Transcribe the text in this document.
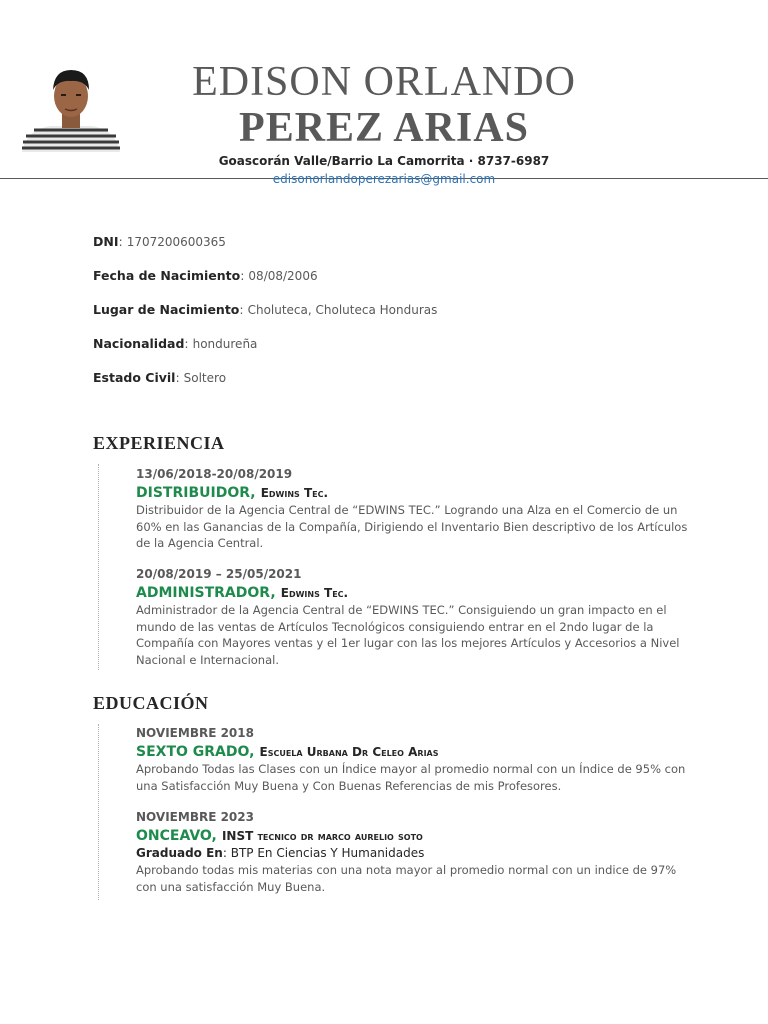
EDISON ORLANDO
PEREZ ARIAS
Goascorán Valle/Barrio La Camorrita · 8737-6987
edisonorlandoperezarias@gmail.com
DNI: 1707200600365
Fecha de Nacimiento: 08/08/2006
Lugar de Nacimiento: Choluteca, Choluteca Honduras
Nacionalidad: hondureña
Estado Civil: Soltero
EXPERIENCIA
13/06/2018-20/08/2019
DISTRIBUIDOR, Edwins Tec.
Distribuidor de la Agencia Central de “EDWINS TEC.” Logrando una Alza en el Comercio de un 60% en las Ganancias de la Compañía, Dirigiendo el Inventario Bien descriptivo de los Artículos de la Agencia Central.
20/08/2019 – 25/05/2021
ADMINISTRADOR, Edwins Tec.
Administrador de la Agencia Central de “EDWINS TEC.” Consiguiendo un gran impacto en el mundo de las ventas de Artículos Tecnológicos consiguiendo entrar en el 2ndo lugar de la Compañía con Mayores ventas y el 1er lugar con las los mejores Artículos y Accesorios a Nivel Nacional e Internacional.
EDUCACIÓN
NOVIEMBRE 2018
SEXTO GRADO, Escuela Urbana Dr Celeo Arias
Aprobando Todas las Clases con un Índice mayor al promedio normal con un Índice de 95% con una Satisfacción Muy Buena y Con Buenas Referencias de mis Profesores.
NOVIEMBRE 2023
ONCEAVO, INST tecnico dr marco aurelio soto
Graduado En: BTP En Ciencias Y Humanidades
Aprobando todas mis materias con una nota mayor al promedio normal con un indice de 97% con una satisfacción Muy Buena.
